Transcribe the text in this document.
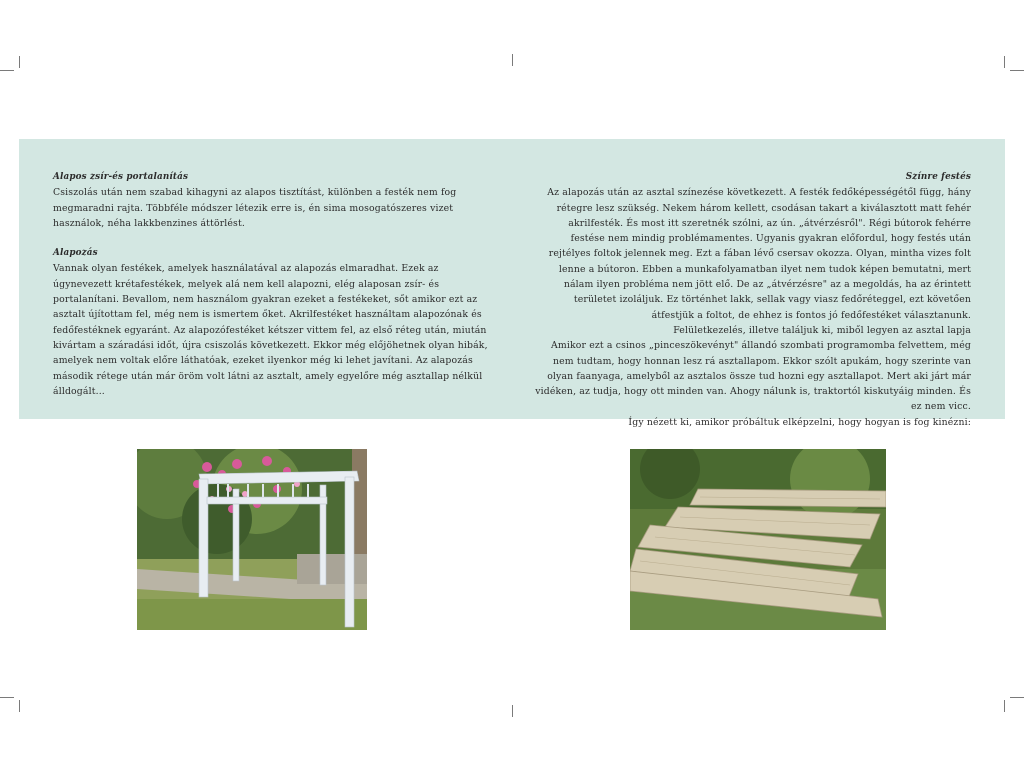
Alapos zsír-és portalanítás

Csiszolás után nem szabad kihagyni az alapos tisztítást, különben a festék nem fog megmaradni rajta. Többféle módszer létezik erre is, én sima mosogatószeres vizet használok, néha lakkbenzines áttörlést.

Alapozás

Vannak olyan festékek, amelyek használatával az alapozás elmaradhat. Ezek az úgynevezett krétafestékek, melyek alá nem kell alapozni, elég alaposan zsír- és portalanítani. Bevallom, nem használom gyakran ezeket a festékeket, sőt amikor ezt az asztalt újítottam fel, még nem is ismertem őket. Akrilfestéket használtam alapozónak és fedőfestéknek egyaránt. Az alapozófestéket kétszer vittem fel, az első réteg után, miután kivártam a száradási időt, újra csiszolás következett. Ekkor még előjöhetnek olyan hibák, amelyek nem voltak előre láthatóak, ezeket ilyenkor még ki lehet javítani. Az alapozás második rétege után már öröm volt látni az asztalt, amely egyelőre még asztallap nélkül álldogált...

Színre festés

Az alapozás után az asztal színezése következett. A festék fedőképességétől függ, hány rétegre lesz szükség. Nekem három kellett, csodásan takart a kiválasztott matt fehér akrilfesték. És most itt szeretnék szólni, az ún. „átvérzésről". Régi bútorok fehérre festése nem mindig problémamentes. Ugyanis gyakran előfordul, hogy festés után rejtélyes foltok jelennek meg. Ezt a fában lévő csersav okozza. Olyan, mintha vizes folt lenne a bútoron. Ebben a munkafolyamatban ilyet nem tudok képen bemutatni, mert nálam ilyen probléma nem jött elő. De az „átvérzésre" az a megoldás, ha az érintett területet izoláljuk. Ez történhet lakk, sellak vagy viasz fedőréteggel, ezt követően átfestjük a foltot, de ehhez is fontos jó fedőfestéket választanunk.

Felületkezelés, illetve találjuk ki, miből legyen az asztal lapja

Amikor ezt a csinos „pinceszökevényt" állandó szombati programomba felvettem, még nem tudtam, hogy honnan lesz rá asztallapom. Ekkor szólt apukám, hogy szerinte van olyan faanyaga, amelyből az asztalos össze tud hozni egy asztallapot. Mert aki járt már vidéken, az tudja, hogy ott minden van. Ahogy nálunk is, traktortól kiskutyáig minden. És ez nem vicc.

Így nézett ki, amikor próbáltuk elképzelni, hogy hogyan is fog kinézni:
